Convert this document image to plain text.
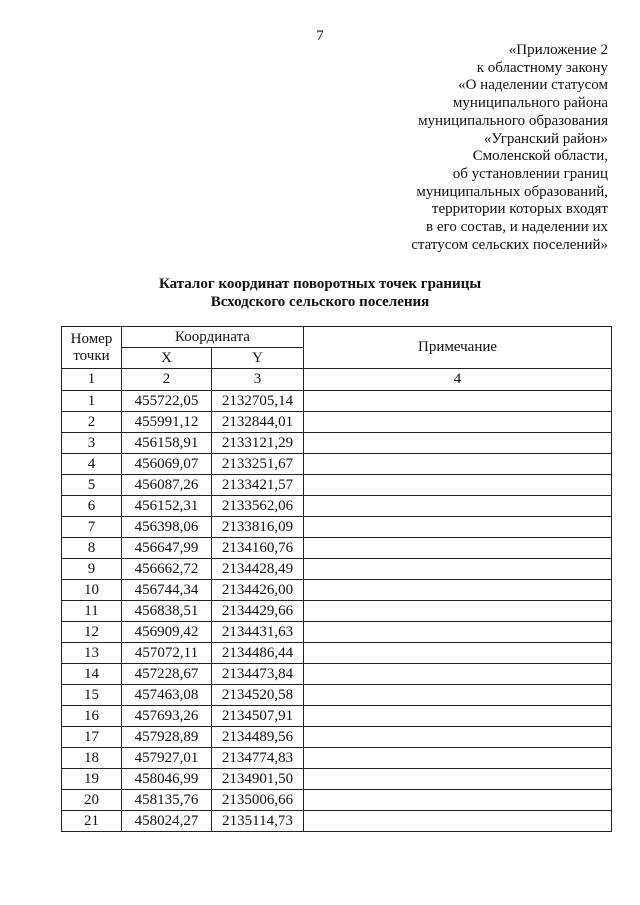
7
«Приложение 2
к областному закону
«О наделении статусом
муниципального района
муниципального образования
«Угранский район»
Смоленской области,
об установлении границ
муниципальных образований,
территории которых входят
в его состав, и наделении их
статусом сельских поселений»
Каталог координат поворотных точек границы
Всходского сельского поселения
Номер
точки	Координата		Примечание
	X	Y	
1	2	3	4
1	455722,05	2132705,14	
2	455991,12	2132844,01	
3	456158,91	2133121,29	
4	456069,07	2133251,67	
5	456087,26	2133421,57	
6	456152,31	2133562,06	
7	456398,06	2133816,09	
8	456647,99	2134160,76	
9	456662,72	2134428,49	
10	456744,34	2134426,00	
11	456838,51	2134429,66	
12	456909,42	2134431,63	
13	457072,11	2134486,44	
14	457228,67	2134473,84	
15	457463,08	2134520,58	
16	457693,26	2134507,91	
17	457928,89	2134489,56	
18	457927,01	2134774,83	
19	458046,99	2134901,50	
20	458135,76	2135006,66	
21	458024,27	2135114,73	
